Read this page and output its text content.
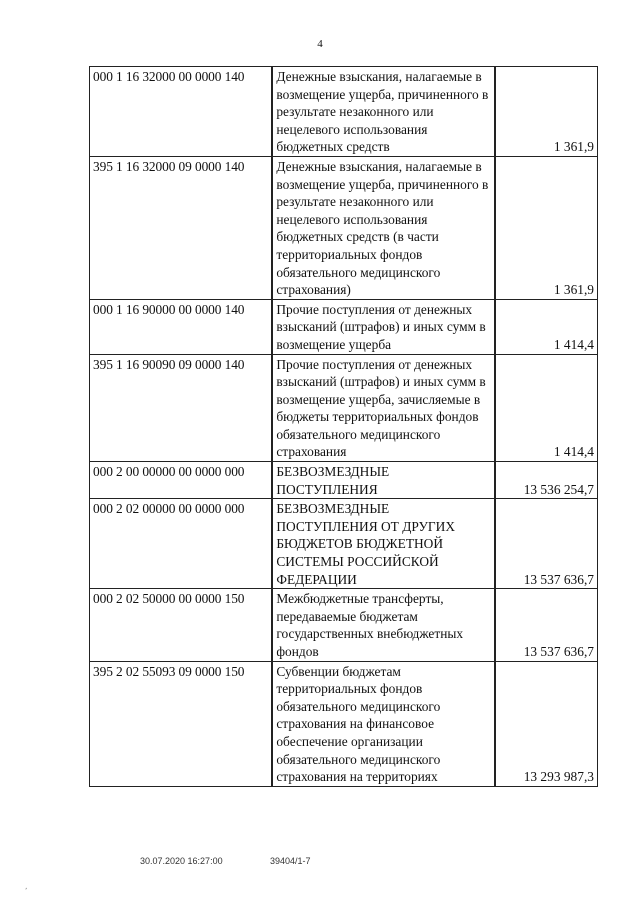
4
000 1 16 32000 00 0000 140	Денежные взыскания, налагаемые в возмещение ущерба, причиненного в результате незаконного или нецелевого использования бюджетных средств	1 361,9
395 1 16 32000 09 0000 140	Денежные взыскания, налагаемые в возмещение ущерба, причиненного в результате незаконного или нецелевого использования бюджетных средств (в части территориальных фондов обязательного медицинского страхования)	1 361,9
000 1 16 90000 00 0000 140	Прочие поступления от денежных взысканий (штрафов) и иных сумм в возмещение ущерба	1 414,4
395 1 16 90090 09 0000 140	Прочие поступления от денежных взысканий (штрафов) и иных сумм в возмещение ущерба, зачисляемые в бюджеты территориальных фондов обязательного медицинского страхования	1 414,4
000 2 00 00000 00 0000 000	БЕЗВОЗМЕЗДНЫЕ ПОСТУПЛЕНИЯ	13 536 254,7
000 2 02 00000 00 0000 000	БЕЗВОЗМЕЗДНЫЕ ПОСТУПЛЕНИЯ ОТ ДРУГИХ БЮДЖЕТОВ БЮДЖЕТНОЙ СИСТЕМЫ РОССИЙСКОЙ ФЕДЕРАЦИИ	13 537 636,7
000 2 02 50000 00 0000 150	Межбюджетные трансферты, передаваемые бюджетам государственных внебюджетных фондов	13 537 636,7
395 2 02 55093 09 0000 150	Субвенции бюджетам территориальных фондов обязательного медицинского страхования на финансовое обеспечение организации обязательного медицинского страхования на территориях	13 293 987,3
30.07.2020 16:27:00	39404/1-7
ʼ
